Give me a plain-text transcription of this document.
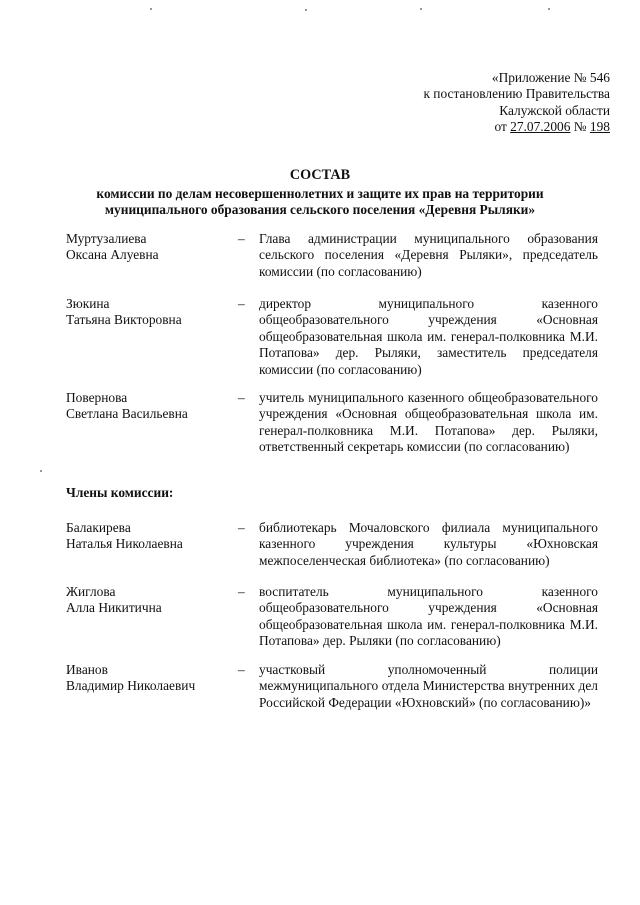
«Приложение № 546
к постановлению Правительства
Калужской области
от 27.07.2006 № 198
СОСТАВ
комиссии по делам несовершеннолетних и защите их прав на территории
муниципального образования сельского поселения «Деревня Рыляки»
Муртузалиева
Оксана Алуевна
– Глава администрации муниципального образования сельского поселения «Деревня Рыляки», председатель комиссии (по согласованию)
Зюкина
Татьяна Викторовна
– директор муниципального казенного общеобразовательного учреждения «Основная общеобразовательная школа им. генерал-полковника М.И. Потапова» дер. Рыляки, заместитель председателя комиссии (по согласованию)
Повернова
Светлана Васильевна
– учитель муниципального казенного общеобразовательного учреждения «Основная общеобразовательная школа им. генерал-полковника М.И. Потапова» дер. Рыляки, ответственный секретарь комиссии (по согласованию)
Члены комиссии:
Балакирева
Наталья Николаевна
– библиотекарь Мочаловского филиала муниципального казенного учреждения культуры «Юхновская межпоселенческая библиотека» (по согласованию)
Жиглова
Алла Никитична
– воспитатель муниципального казенного общеобразовательного учреждения «Основная общеобразовательная школа им. генерал-полковника М.И. Потапова» дер. Рыляки (по согласованию)
Иванов
Владимир Николаевич
– участковый уполномоченный полиции межмуниципального отдела Министерства внутренних дел Российской Федерации «Юхновский» (по согласованию)»
